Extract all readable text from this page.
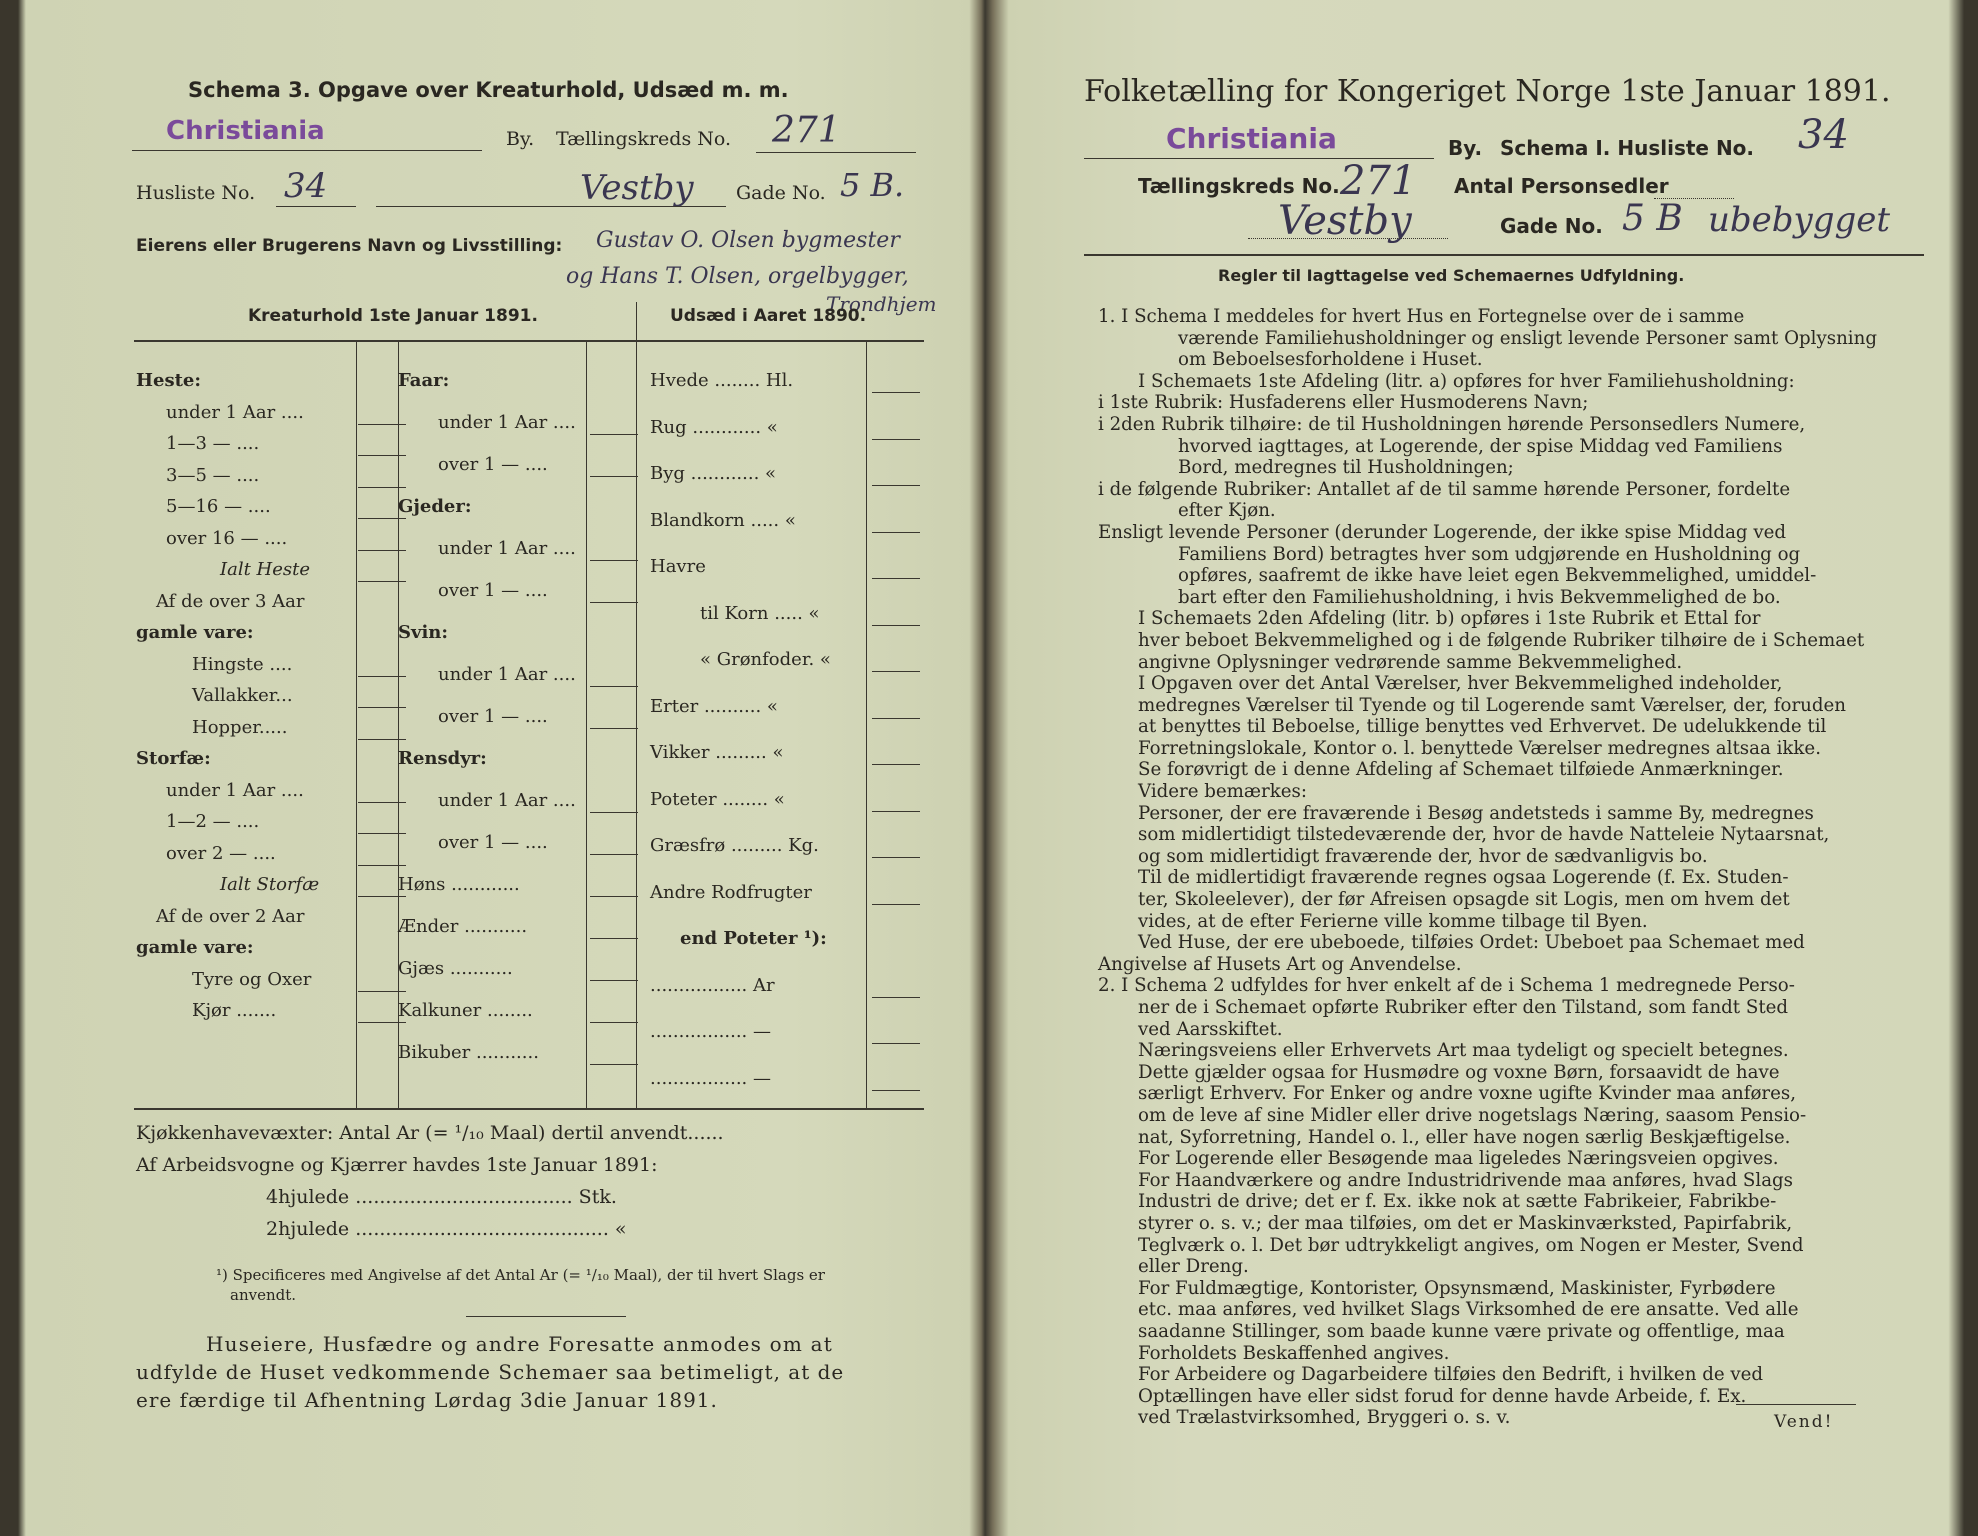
Schema 3. Opgave over Kreaturhold, Udsæd m. m.
Christiania	By. Tællingskreds No. 271
Husliste No. 34	Vestby Gade No. 5 B.
Eierens eller Brugerens Navn og Livsstilling: Gustav O. Olsen bygmester
og Hans T. Olsen, orgelbygger,
Trondhjem
Kreaturhold 1ste Januar 1891.	Udsæd i Aaret 1890.
Heste:
under 1 Aar ....
1—3 — ....
3—5 — ....
5—16 — ....
over 16 — ....
Ialt Heste
Af de over 3 Aar
gamle vare:
Hingste ....
Vallakker...
Hopper.....
Storfæ:
under 1 Aar ....
1—2 — ....
over 2 — ....
Ialt Storfæ
Af de over 2 Aar
gamle vare:
Tyre og Oxer
Kjør .......
Faar:
under 1 Aar ....
over 1 — ....
Gjeder:
under 1 Aar ....
over 1 — ....
Svin:
under 1 Aar ....
over 1 — ....
Rensdyr:
under 1 Aar ....
over 1 — ....
Høns ............
Ænder ...........
Gjæs ...........
Kalkuner ........
Bikuber ...........
Hvede ........ Hl.
Rug ............ «
Byg ............ «
Blandkorn ..... «
Havre
til Korn ..... «
« Grønfoder. «
Erter .......... «
Vikker ......... «
Poteter ........ «
Græsfrø ......... Kg.
Andre Rodfrugter
end Poteter ¹):
................. Ar
................. —
................. —
Kjøkkenhavevæxter: Antal Ar (= ¹/₁₀ Maal) dertil anvendt......
Af Arbeidsvogne og Kjærrer havdes 1ste Januar 1891:
4hjulede .................................... Stk.
2hjulede .......................................... «
¹) Specificeres med Angivelse af det Antal Ar (= ¹/₁₀ Maal), der til hvert Slags er
anvendt.
Huseiere, Husfædre og andre Foresatte anmodes om at
udfylde de Huset vedkommende Schemaer saa betimeligt, at de
ere færdige til Afhentning Lørdag 3die Januar 1891.
Folketælling for Kongeriget Norge 1ste Januar 1891.
Christiania	By. Schema I. Husliste No. 34
Tællingskreds No. 271 Antal Personsedler
Vestby	Gade No. 5 B ubebygget
Regler til Iagttagelse ved Schemaernes Udfyldning.

1. I Schema I meddeles for hvert Hus en Fortegnelse over de i samme

værende Familiehusholdninger og ensligt levende Personer samt Oplysning

om Beboelsesforholdene i Huset.

I Schemaets 1ste Afdeling (litr. a) opføres for hver Familiehusholdning:

i 1ste Rubrik: Husfaderens eller Husmoderens Navn;

i 2den Rubrik tilhøire: de til Husholdningen hørende Personsedlers Numere,

hvorved iagttages, at Logerende, der spise Middag ved Familiens

Bord, medregnes til Husholdningen;

i de følgende Rubriker: Antallet af de til samme hørende Personer, fordelte

efter Kjøn.

Ensligt levende Personer (derunder Logerende, der ikke spise Middag ved

Familiens Bord) betragtes hver som udgjørende en Husholdning og

opføres, saafremt de ikke have leiet egen Bekvemmelighed, umiddel-

bart efter den Familiehusholdning, i hvis Bekvemmelighed de bo.

I Schemaets 2den Afdeling (litr. b) opføres i 1ste Rubrik et Ettal for

hver beboet Bekvemmelighed og i de følgende Rubriker tilhøire de i Schemaet

angivne Oplysninger vedrørende samme Bekvemmelighed.

I Opgaven over det Antal Værelser, hver Bekvemmelighed indeholder,

medregnes Værelser til Tyende og til Logerende samt Værelser, der, foruden

at benyttes til Beboelse, tillige benyttes ved Erhvervet. De udelukkende til

Forretningslokale, Kontor o. l. benyttede Værelser medregnes altsaa ikke.

Se forøvrigt de i denne Afdeling af Schemaet tilføiede Anmærkninger.

Videre bemærkes:

Personer, der ere fraværende i Besøg andetsteds i samme By, medregnes

som midlertidigt tilstedeværende der, hvor de havde Natteleie Nytaarsnat,

og som midlertidigt fraværende der, hvor de sædvanligvis bo.

Til de midlertidigt fraværende regnes ogsaa Logerende (f. Ex. Studen-

ter, Skoleelever), der før Afreisen opsagde sit Logis, men om hvem det

vides, at de efter Ferierne ville komme tilbage til Byen.

Ved Huse, der ere ubeboede, tilføies Ordet: Ubeboet paa Schemaet med

Angivelse af Husets Art og Anvendelse.

2. I Schema 2 udfyldes for hver enkelt af de i Schema 1 medregnede Perso-

ner de i Schemaet opførte Rubriker efter den Tilstand, som fandt Sted

ved Aarsskiftet.

Næringsveiens eller Erhvervets Art maa tydeligt og specielt betegnes.

Dette gjælder ogsaa for Husmødre og voxne Børn, forsaavidt de have

særligt Erhverv. For Enker og andre voxne ugifte Kvinder maa anføres,

om de leve af sine Midler eller drive nogetslags Næring, saasom Pensio-

nat, Syforretning, Handel o. l., eller have nogen særlig Beskjæftigelse.

For Logerende eller Besøgende maa ligeledes Næringsveien opgives.

For Haandværkere og andre Industridrivende maa anføres, hvad Slags

Industri de drive; det er f. Ex. ikke nok at sætte Fabrikeier, Fabrikbe-

styrer o. s. v.; der maa tilføies, om det er Maskinværksted, Papirfabrik,

Teglværk o. l. Det bør udtrykkeligt angives, om Nogen er Mester, Svend

eller Dreng.

For Fuldmægtige, Kontorister, Opsynsmænd, Maskinister, Fyrbødere

etc. maa anføres, ved hvilket Slags Virksomhed de ere ansatte. Ved alle

saadanne Stillinger, som baade kunne være private og offentlige, maa

Forholdets Beskaffenhed angives.

For Arbeidere og Dagarbeidere tilføies den Bedrift, i hvilken de ved

Optællingen have eller sidst forud for denne havde Arbeide, f. Ex.

ved Trælastvirksomhed, Bryggeri o. s. v.	Vend!
